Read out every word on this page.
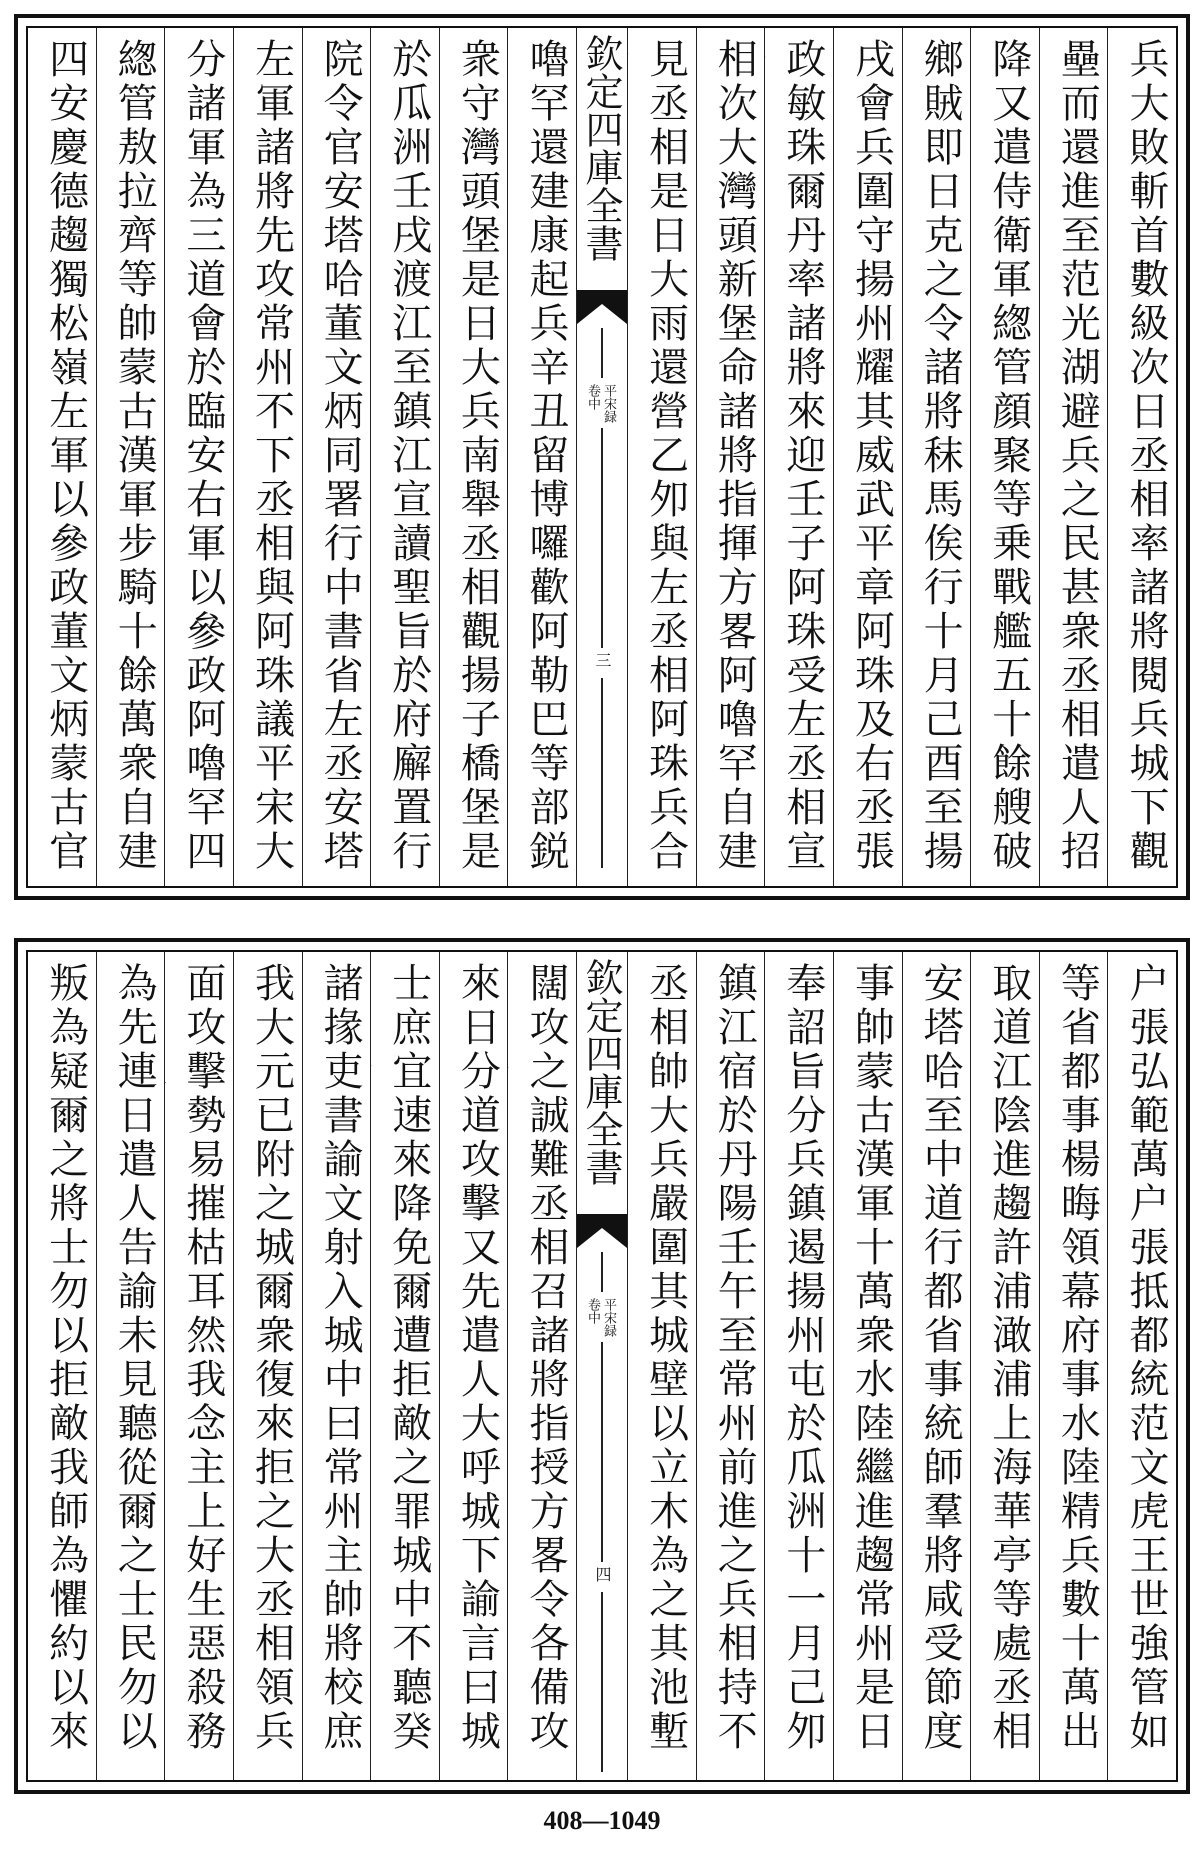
兵大敗斬首數級次日丞相率諸將閱兵城下觀
壘而還進至范光湖避兵之民甚衆丞相遣人招
降又遣侍衛軍緫管顔聚等乗戰艦五十餘艘破
鄉賊即日克之令諸將秣馬俟行十月己酉至揚
戌會兵圍守揚州耀其威武平章阿珠及右丞張
政敏珠爾丹率諸將來迎壬子阿珠受左丞相宣
相次大灣頭新堡命諸將指揮方畧阿嚕罕自建
見丞相是日大雨還營乙夘與左丞相阿珠兵合
欽定四庫全書
平宋録
卷中
三
嚕罕還建康起兵辛丑留博囉歡阿勒巴等部鋭
衆守灣頭堡是日大兵南舉丞相觀揚子橋堡是
於瓜洲壬戌渡江至鎮江宣讀聖旨於府廨置行
院令官安塔哈董文炳同署行中書省左丞安塔
左軍諸將先攻常州不下丞相與阿珠議平宋大
分諸軍為三道會於臨安右軍以參政阿嚕罕四
緫管敖拉齊等帥蒙古漢軍步騎十餘萬衆自建
四安慶德趨獨松嶺左軍以參政董文炳蒙古官
户張弘範萬户張抵都統范文虎王世強管如
等省都事楊晦領幕府事水陸精兵數十萬出
取道江陰進趨許浦澉浦上海華亭等處丞相
安塔哈至中道行都省事統師羣將咸受節度
事帥蒙古漢軍十萬衆水陸繼進趨常州是日
奉詔旨分兵鎮遏揚州屯於瓜洲十一月己夘
鎮江宿於丹陽壬午至常州前進之兵相持不
丞相帥大兵嚴圍其城壁以立木為之其池塹
欽定四庫全書
平宋録
卷中
四
闊攻之誠難丞相召諸將指授方畧令各備攻
來日分道攻擊又先遣人大呼城下諭言曰城
士庶宜速來降免爾遭拒敵之罪城中不聽癸
諸掾吏書諭文射入城中曰常州主帥將校庶
我大元已附之城爾衆復來拒之大丞相領兵
面攻擊勢易摧枯耳然我念主上好生惡殺務
為先連日遣人告諭未見聽從爾之士民勿以
叛為疑爾之將士勿以拒敵我師為懼約以來
408—1049
